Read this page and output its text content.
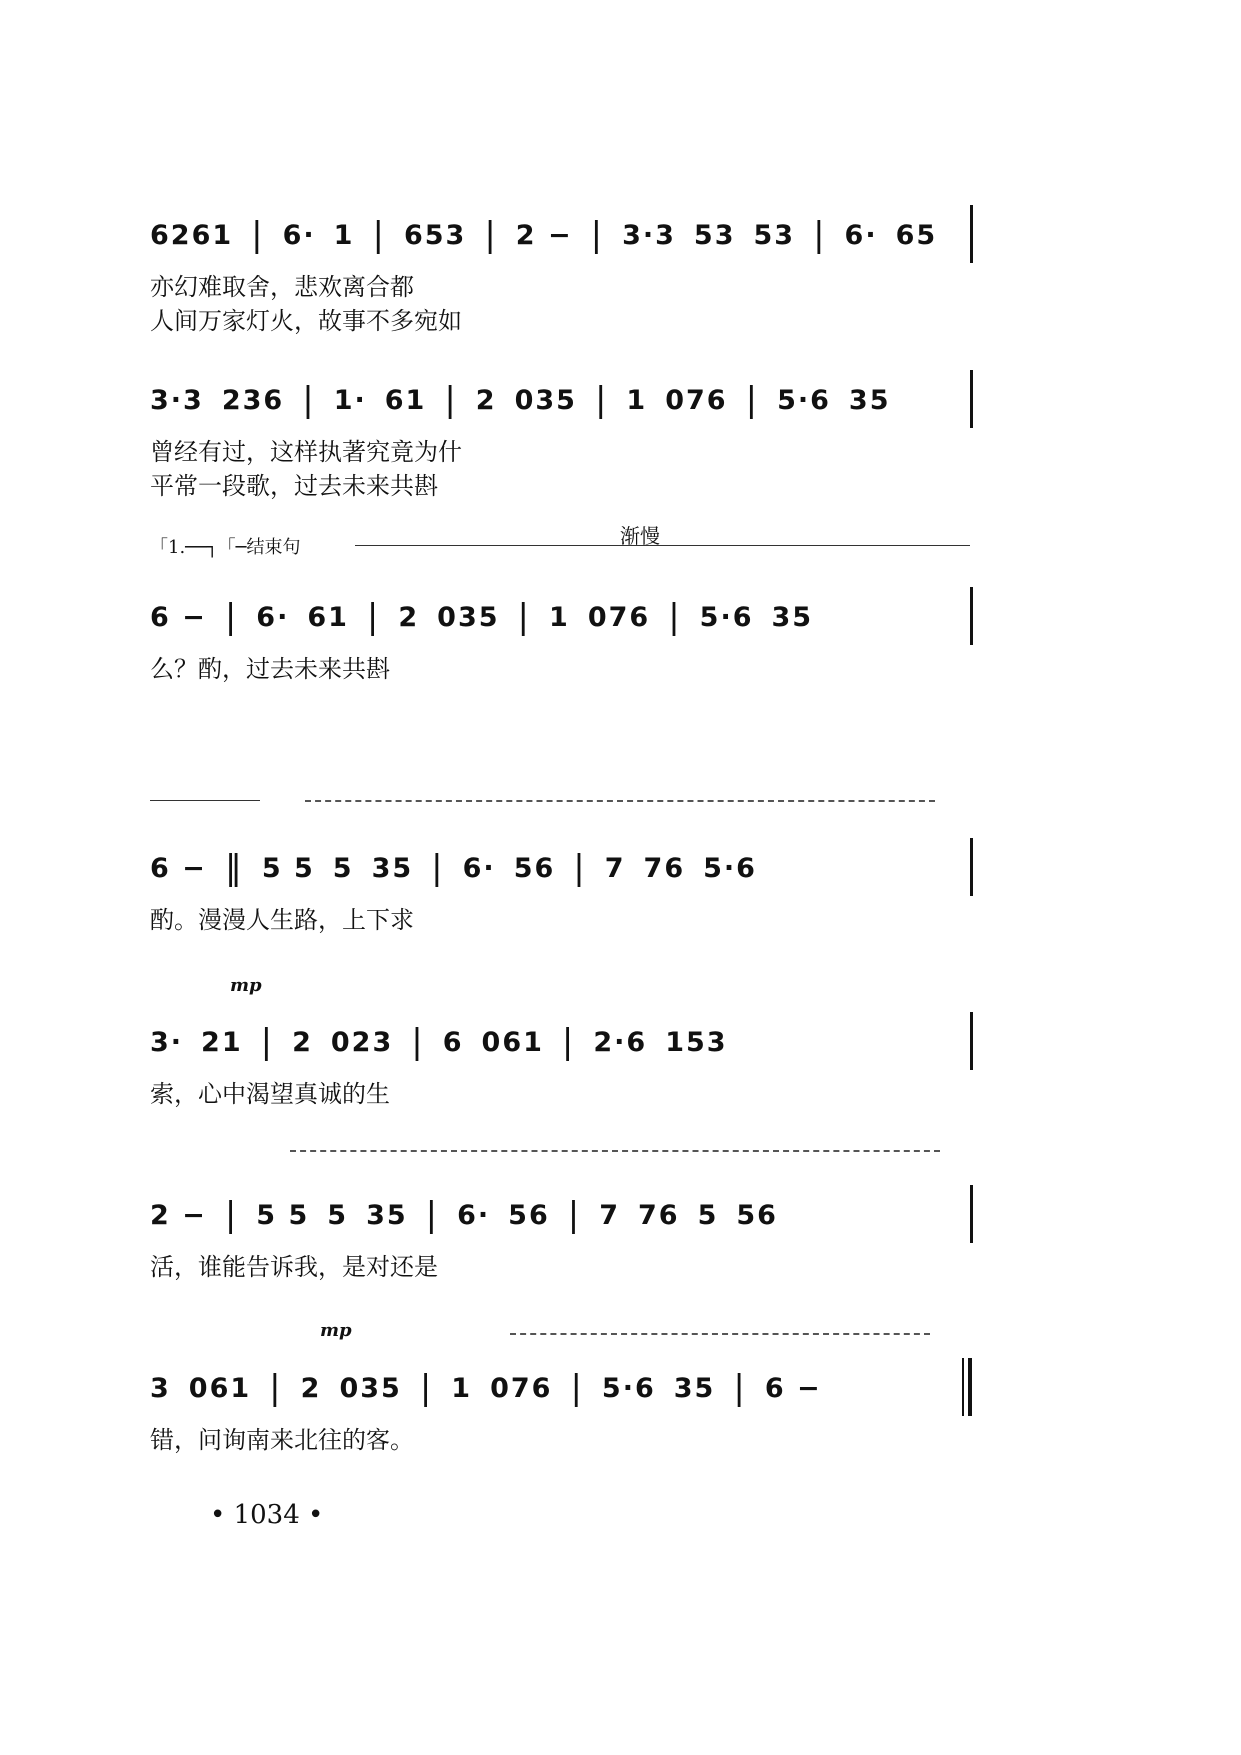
6261 | 6· 1 | 653 | 2 − | 3·3 53 53 | 6· 65
亦幻难取舍，悲欢离合都
人间万家灯火，故事不多宛如
3·3 236 | 1· 61 | 2 035 | 1 076 | 5·6 35
曾经有过，这样执著究竟为什
平常一段歌，过去未来共斟
「1.──┐「─结束句	渐慢
6 − | 6· 61 | 2 035 | 1 076 | 5·6 35
么？酌，过去未来共斟
6 − ‖ 5 5 5 35 | 6· 56 | 7 76 5·6
酌。漫漫人生路，上下求
mp
3· 21 | 2 023 | 6 061 | 2·6 153
索，心中渴望真诚的生
2 − | 5 5 5 35 | 6· 56 | 7 76 5 56
活，谁能告诉我，是对还是
mp
3 061 | 2 035 | 1 076 | 5·6 35 | 6 −
错，问询南来北往的客。
• 1034 •
